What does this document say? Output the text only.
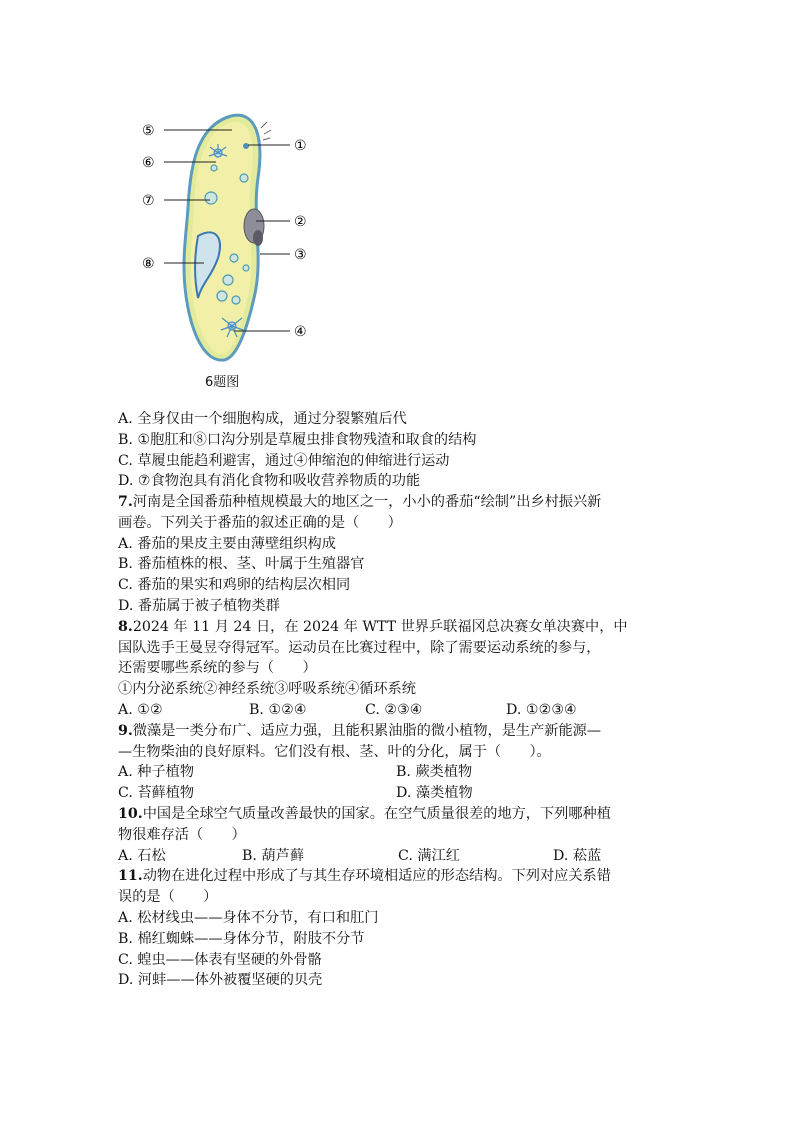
⑤
⑥
⑦
⑧
①
②
③
④
6题图
A. 全身仅由一个细胞构成，通过分裂繁殖后代
B. ①胞肛和⑧口沟分别是草履虫排食物残渣和取食的结构
C. 草履虫能趋利避害，通过④伸缩泡的伸缩进行运动
D. ⑦食物泡具有消化食物和吸收营养物质的功能
7.河南是全国番茄种植规模最大的地区之一，小小的番茄“绘制”出乡村振兴新
画卷。下列关于番茄的叙述正确的是（　　）
A. 番茄的果皮主要由薄壁组织构成
B. 番茄植株的根、茎、叶属于生殖器官
C. 番茄的果实和鸡卵的结构层次相同
D. 番茄属于被子植物类群
8.2024 年 11 月 24 日，在 2024 年 WTT 世界乒联福冈总决赛女单决赛中，中
国队选手王曼昱夺得冠军。运动员在比赛过程中，除了需要运动系统的参与，
还需要哪些系统的参与（　　）
①内分泌系统②神经系统③呼吸系统④循环系统
A. ①②	B. ①②④	C. ②③④	D. ①②③④
9.微藻是一类分布广、适应力强，且能积累油脂的微小植物，是生产新能源—
—生物柴油的良好原料。它们没有根、茎、叶的分化，属于（　　）。
A. 种子植物	B. 蕨类植物
C. 苔藓植物	D. 藻类植物
10.中国是全球空气质量改善最快的国家。在空气质量很差的地方，下列哪种植
物很难存活（　　）
A. 石松	B. 葫芦藓	C. 满江红	D. 菘蓝
11.动物在进化过程中形成了与其生存环境相适应的形态结构。下列对应关系错
误的是（　　）
A. 松材线虫——身体不分节，有口和肛门
B. 棉红蜘蛛——身体分节，附肢不分节
C. 蝗虫——体表有坚硬的外骨骼
D. 河蚌——体外被覆坚硬的贝壳
